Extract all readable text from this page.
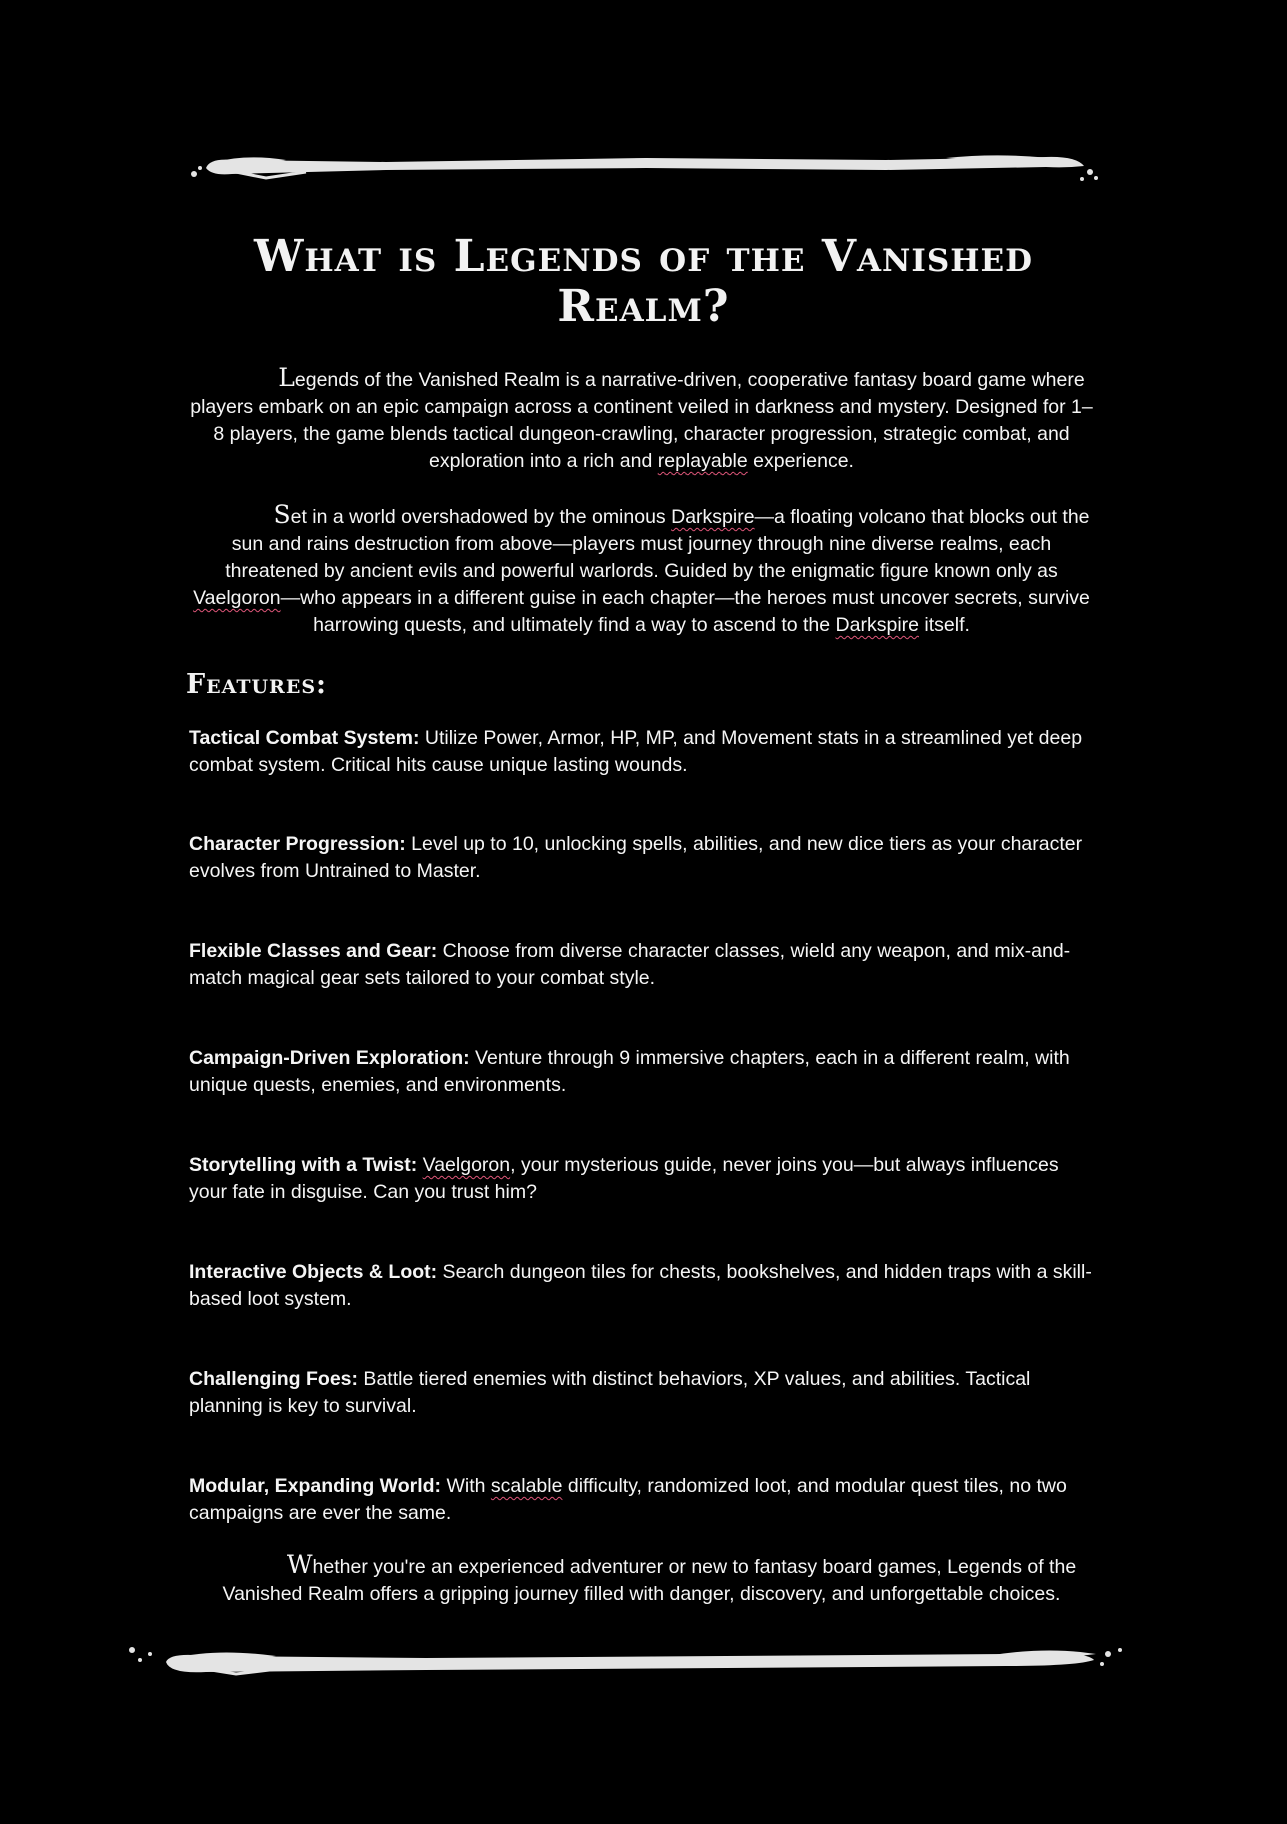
What is Legends of the Vanished Realm?

Legends of the Vanished Realm is a narrative-driven, cooperative fantasy board game where players embark on an epic campaign across a continent veiled in darkness and mystery. Designed for 1–8 players, the game blends tactical dungeon-crawling, character progression, strategic combat, and exploration into a rich and replayable experience.

Set in a world overshadowed by the ominous Darkspire—a floating volcano that blocks out the sun and rains destruction from above—players must journey through nine diverse realms, each threatened by ancient evils and powerful warlords. Guided by the enigmatic figure known only as Vaelgoron—who appears in a different guise in each chapter—the heroes must uncover secrets, survive harrowing quests, and ultimately find a way to ascend to the Darkspire itself.

Features:
Tactical Combat System: Utilize Power, Armor, HP, MP, and Movement stats in a streamlined yet deep combat system. Critical hits cause unique lasting wounds.
Character Progression: Level up to 10, unlocking spells, abilities, and new dice tiers as your character evolves from Untrained to Master.
Flexible Classes and Gear: Choose from diverse character classes, wield any weapon, and mix-and-match magical gear sets tailored to your combat style.
Campaign-Driven Exploration: Venture through 9 immersive chapters, each in a different realm, with unique quests, enemies, and environments.
Storytelling with a Twist: Vaelgoron, your mysterious guide, never joins you—but always influences your fate in disguise. Can you trust him?
Interactive Objects & Loot: Search dungeon tiles for chests, bookshelves, and hidden traps with a skill-based loot system.
Challenging Foes: Battle tiered enemies with distinct behaviors, XP values, and abilities. Tactical planning is key to survival.
Modular, Expanding World: With scalable difficulty, randomized loot, and modular quest tiles, no two campaigns are ever the same.

Whether you're an experienced adventurer or new to fantasy board games, Legends of the Vanished Realm offers a gripping journey filled with danger, discovery, and unforgettable choices.
